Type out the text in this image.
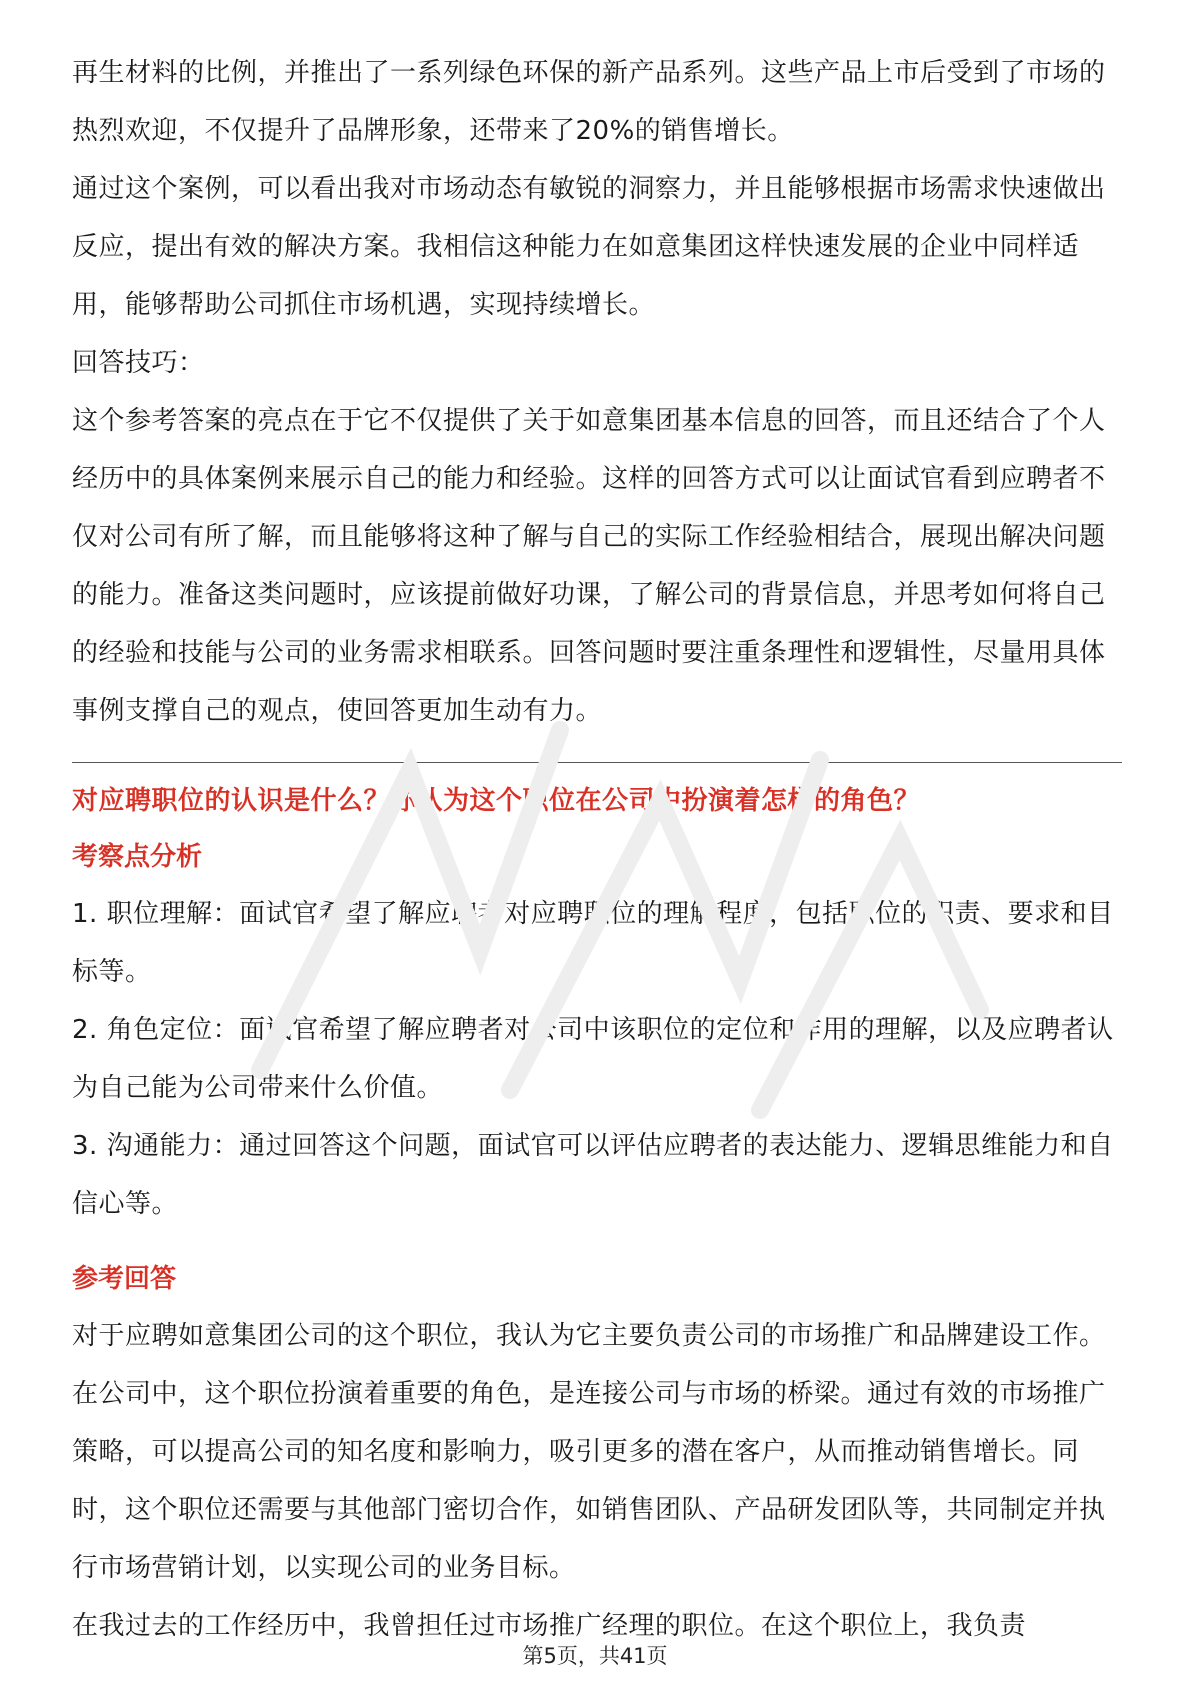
再生材料的比例，并推出了一系列绿色环保的新产品系列。这些产品上市后受到了市场的热烈欢迎，不仅提升了品牌形象，还带来了20%的销售增长。

通过这个案例，可以看出我对市场动态有敏锐的洞察力，并且能够根据市场需求快速做出反应，提出有效的解决方案。我相信这种能力在如意集团这样快速发展的企业中同样适用，能够帮助公司抓住市场机遇，实现持续增长。

回答技巧：

这个参考答案的亮点在于它不仅提供了关于如意集团基本信息的回答，而且还结合了个人经历中的具体案例来展示自己的能力和经验。这样的回答方式可以让面试官看到应聘者不仅对公司有所了解，而且能够将这种了解与自己的实际工作经验相结合，展现出解决问题的能力。准备这类问题时，应该提前做好功课，了解公司的背景信息，并思考如何将自己的经验和技能与公司的业务需求相联系。回答问题时要注重条理性和逻辑性，尽量用具体事例支撑自己的观点，使回答更加生动有力。

对应聘职位的认识是什么？你认为这个职位在公司中扮演着怎样的角色？

考察点分析

1. 职位理解：面试官希望了解应聘者对应聘职位的理解程度，包括职位的职责、要求和目标等。

2. 角色定位：面试官希望了解应聘者对公司中该职位的定位和作用的理解，以及应聘者认为自己能为公司带来什么价值。

3. 沟通能力：通过回答这个问题，面试官可以评估应聘者的表达能力、逻辑思维能力和自信心等。

参考回答

对于应聘如意集团公司的这个职位，我认为它主要负责公司的市场推广和品牌建设工作。在公司中，这个职位扮演着重要的角色，是连接公司与市场的桥梁。通过有效的市场推广策略，可以提高公司的知名度和影响力，吸引更多的潜在客户，从而推动销售增长。同时，这个职位还需要与其他部门密切合作，如销售团队、产品研发团队等，共同制定并执行市场营销计划，以实现公司的业务目标。

在我过去的工作经历中，我曾担任过市场推广经理的职位。在这个职位上，我负责

第5页，共41页
